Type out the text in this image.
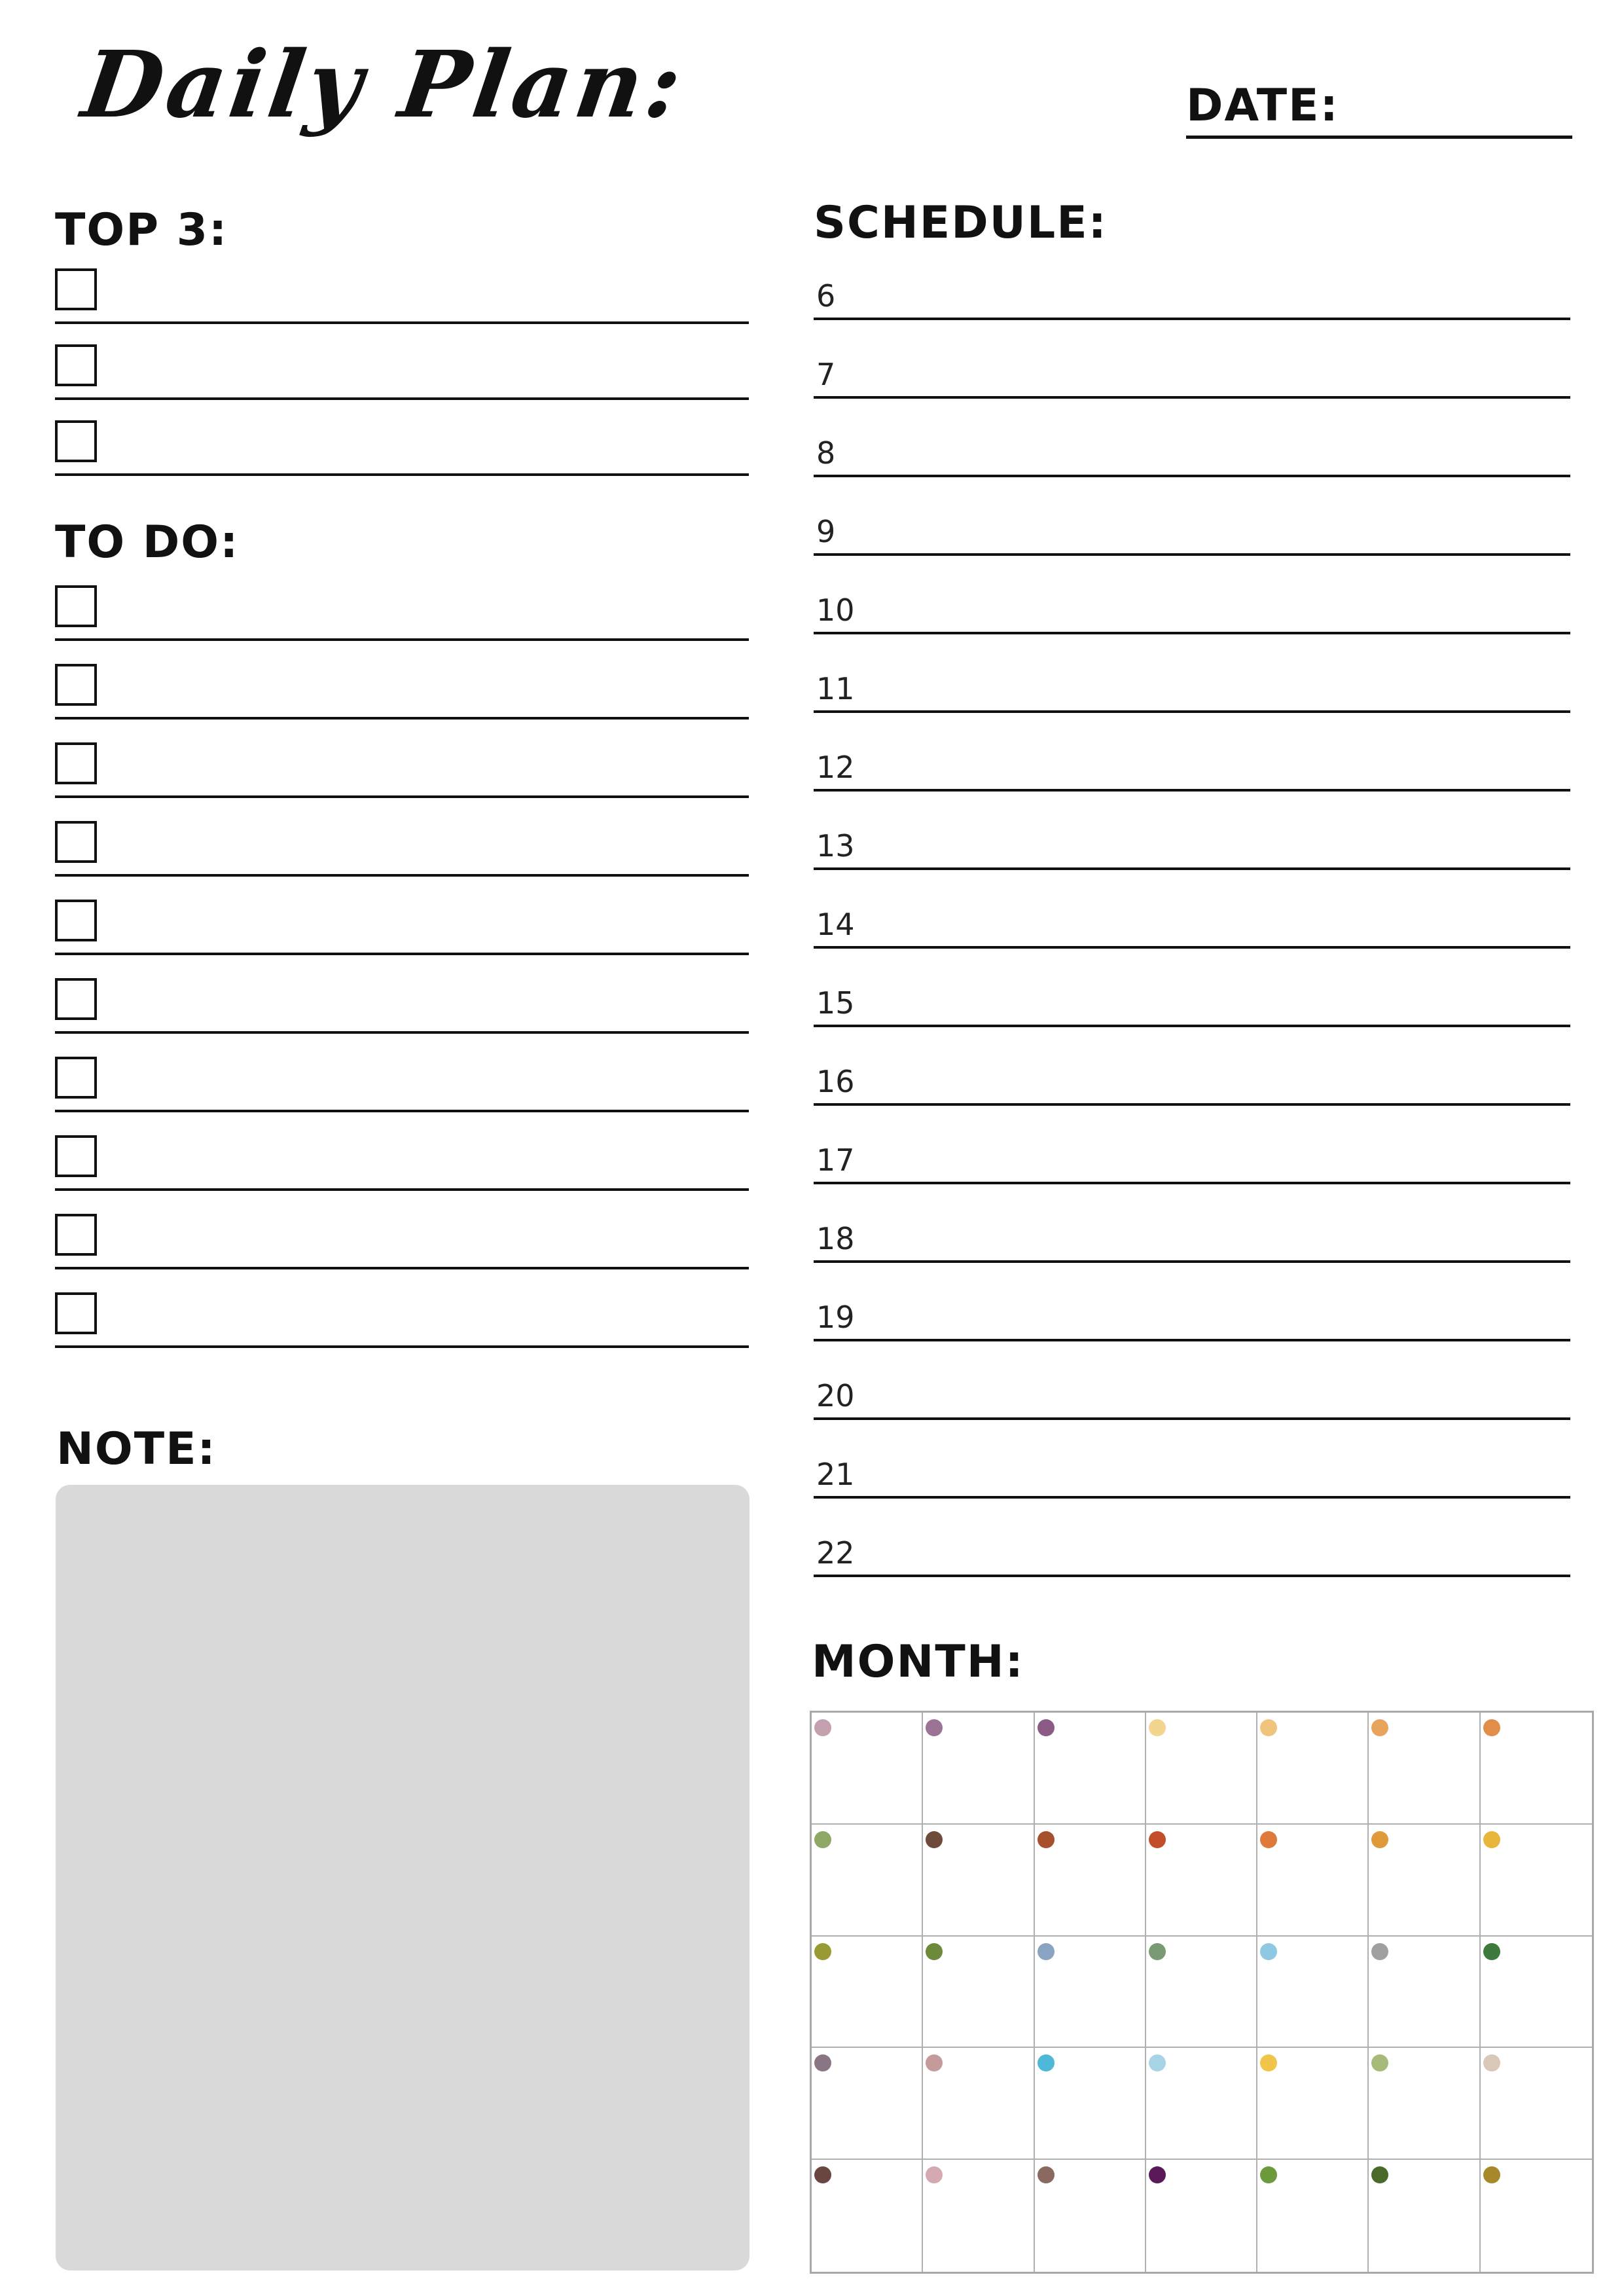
Daily Plan:	DATE:
TOP 3:
TO DO:
NOTE:
SCHEDULE:
6
7
8
9
10
11
12
13
14
15
16
17
18
19
20
21
22
MONTH:
